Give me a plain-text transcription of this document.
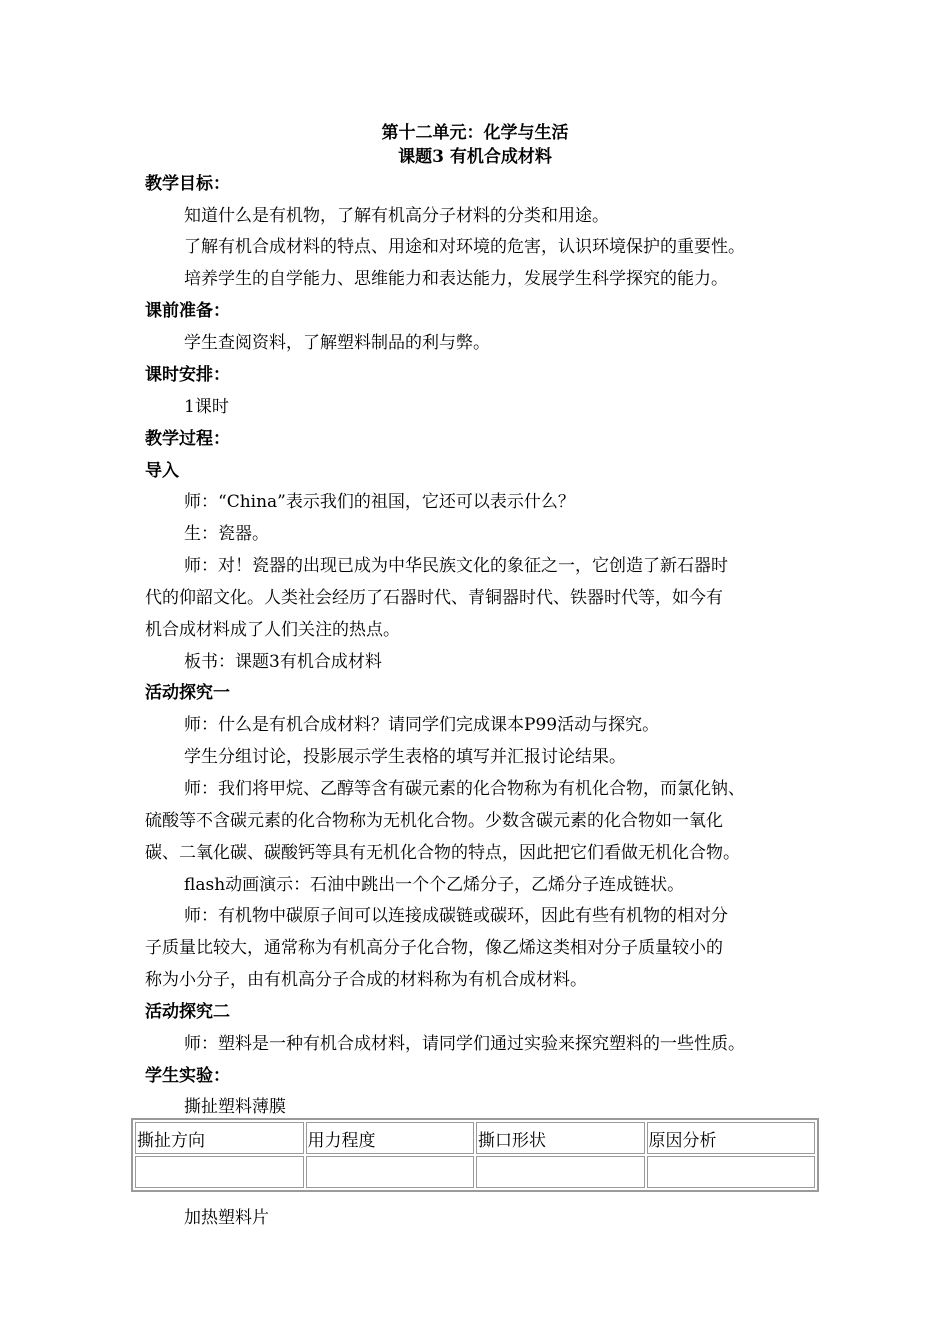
第十二单元：化学与生活
课题3 有机合成材料
教学目标：
知道什么是有机物，了解有机高分子材料的分类和用途。
了解有机合成材料的特点、用途和对环境的危害，认识环境保护的重要性。
培养学生的自学能力、思维能力和表达能力，发展学生科学探究的能力。
课前准备：
学生查阅资料，了解塑料制品的利与弊。
课时安排：
1课时
教学过程：
导入
师：“China”表示我们的祖国，它还可以表示什么？
生：瓷器。
师：对！瓷器的出现已成为中华民族文化的象征之一，它创造了新石器时
代的仰韶文化。人类社会经历了石器时代、青铜器时代、铁器时代等，如今有
机合成材料成了人们关注的热点。
板书：课题3有机合成材料
活动探究一
师：什么是有机合成材料？请同学们完成课本P99活动与探究。
学生分组讨论，投影展示学生表格的填写并汇报讨论结果。
师：我们将甲烷、乙醇等含有碳元素的化合物称为有机化合物，而氯化钠、
硫酸等不含碳元素的化合物称为无机化合物。少数含碳元素的化合物如一氧化
碳、二氧化碳、碳酸钙等具有无机化合物的特点，因此把它们看做无机化合物。
flash动画演示：石油中跳出一个个乙烯分子，乙烯分子连成链状。
师：有机物中碳原子间可以连接成碳链或碳环，因此有些有机物的相对分
子质量比较大，通常称为有机高分子化合物，像乙烯这类相对分子质量较小的
称为小分子，由有机高分子合成的材料称为有机合成材料。
活动探究二
师：塑料是一种有机合成材料，请同学们通过实验来探究塑料的一些性质。
学生实验：
撕扯塑料薄膜
撕扯方向	用力程度	撕口形状	原因分析

加热塑料片
